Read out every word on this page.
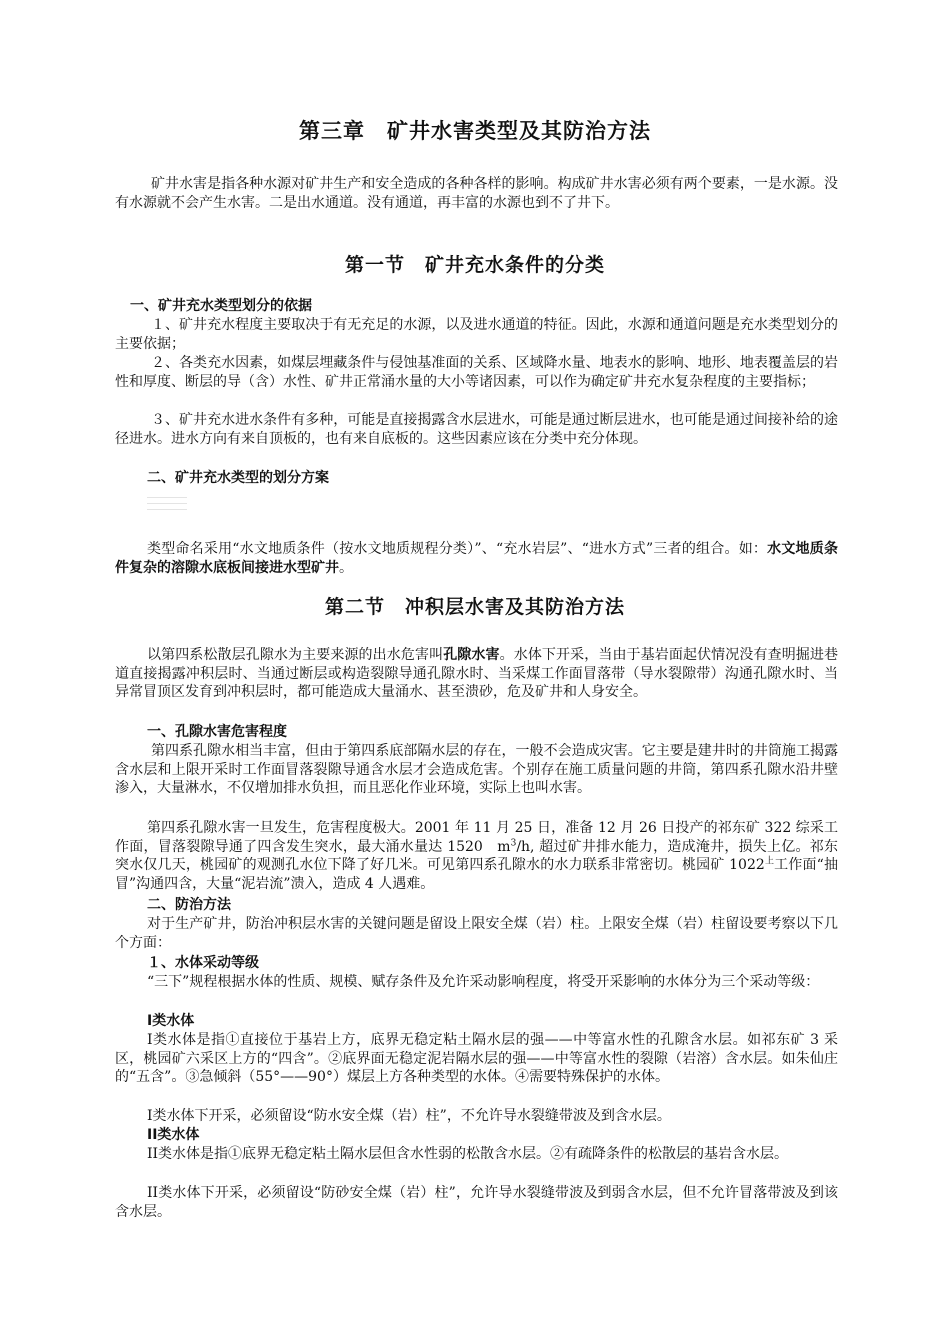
第三章　矿井水害类型及其防治方法

矿井水害是指各种水源对矿井生产和安全造成的各种各样的影响。构成矿井水害必须有两个要素，一是水源。没有水源就不会产生水害。二是出水通道。没有通道，再丰富的水源也到不了井下。

第一节　矿井充水条件的分类

一、矿井充水类型划分的依据

１、矿井充水程度主要取决于有无充足的水源，以及进水通道的特征。因此，水源和通道问题是充水类型划分的主要依据；

２、各类充水因素，如煤层埋藏条件与侵蚀基准面的关系、区域降水量、地表水的影响、地形、地表覆盖层的岩性和厚度、断层的导（含）水性、矿井正常涌水量的大小等诸因素，可以作为确定矿井充水复杂程度的主要指标；

３、矿井充水进水条件有多种，可能是直接揭露含水层进水，可能是通过断层进水，也可能是通过间接补给的途径进水。进水方向有来自顶板的，也有来自底板的。这些因素应该在分类中充分体现。

二、矿井充水类型的划分方案

类型命名采用“水文地质条件（按水文地质规程分类）”、“充水岩层”、“进水方式”三者的组合。如：水文地质条件复杂的溶隙水底板间接进水型矿井。

第二节　冲积层水害及其防治方法

以第四系松散层孔隙水为主要来源的出水危害叫孔隙水害。水体下开采，当由于基岩面起伏情况没有查明掘进巷道直接揭露冲积层时、当通过断层或构造裂隙导通孔隙水时、当采煤工作面冒落带（导水裂隙带）沟通孔隙水时、当异常冒顶区发育到冲积层时，都可能造成大量涌水、甚至溃砂，危及矿井和人身安全。

一、孔隙水害危害程度

第四系孔隙水相当丰富，但由于第四系底部隔水层的存在，一般不会造成灾害。它主要是建井时的井筒施工揭露含水层和上限开采时工作面冒落裂隙导通含水层才会造成危害。个别存在施工质量问题的井筒，第四系孔隙水沿井壁渗入，大量淋水，不仅增加排水负担，而且恶化作业环境，实际上也叫水害。

第四系孔隙水害一旦发生，危害程度极大。2001 年 11 月 25 日，准备 12 月 26 日投产的祁东矿 322 综采工作面，冒落裂隙导通了四含发生突水，最大涌水量达 1520　$m^3/h$, 超过矿井排水能力，造成淹井，损失上亿。祁东突水仅几天，桃园矿的观测孔水位下降了好几米。可见第四系孔隙水的水力联系非常密切。桃园矿 $1022^上$工作面“抽冒”沟通四含，大量“泥岩流”溃入，造成 4 人遇难。

二、防治方法

对于生产矿井，防治冲积层水害的关键问题是留设上限安全煤（岩）柱。上限安全煤（岩）柱留设要考察以下几个方面：

１、水体采动等级

“三下”规程根据水体的性质、规模、赋存条件及允许采动影响程度，将受开采影响的水体分为三个采动等级：

I类水体

I类水体是指①直接位于基岩上方，底界无稳定粘土隔水层的强——中等富水性的孔隙含水层。如祁东矿 3 采区，桃园矿六采区上方的“四含”。②底界面无稳定泥岩隔水层的强——中等富水性的裂隙（岩溶）含水层。如朱仙庄的“五含”。③急倾斜（55°——90°）煤层上方各种类型的水体。④需要特殊保护的水体。

I类水体下开采，必须留设“防水安全煤（岩）柱”，不允许导水裂缝带波及到含水层。

II类水体

II类水体是指①底界无稳定粘土隔水层但含水性弱的松散含水层。②有疏降条件的松散层的基岩含水层。

II类水体下开采，必须留设“防砂安全煤（岩）柱”，允许导水裂缝带波及到弱含水层，但不允许冒落带波及到该含水层。
